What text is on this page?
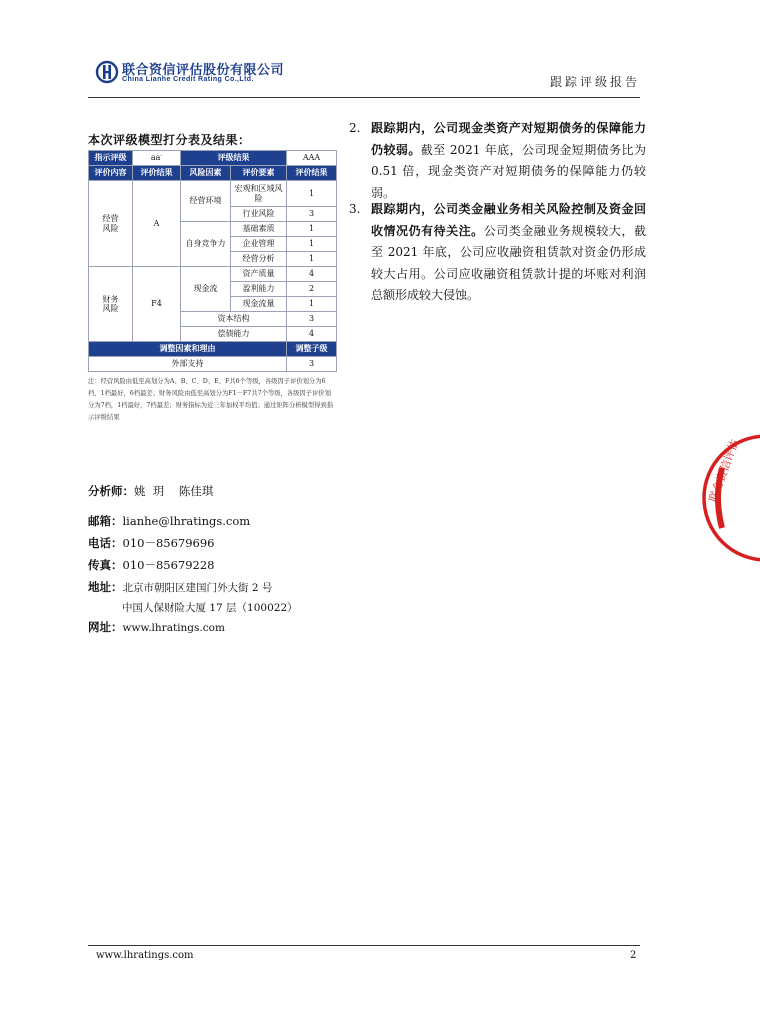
联合资信评估股份有限公司
China Lianhe Credit Rating Co.,Ltd.	跟踪评级报告
本次评级模型打分表及结果：
指示评级	aa-	评级结果		AAA
评价内容	评价结果	风险因素	评价要素	评价结果
经营
风险	A	经营环境	宏观和区域风险	1
			行业风险	3
		自身竞争力	基础素质	1
			企业管理	1
			经营分析	1

财务
风险	F4	现金流	资产质量	4
			盈利能力	2
			现金流量	1
		资本结构		3
		偿债能力		4
调整因素和理由				调整子级
外部支持				3
注：经营风险由低至高划分为A、B、C、D、E、F共6个等级，各级因子评价划分为6档，1档最好，6档最差；财务风险由低至高划分为F1－F7共7个等级，各级因子评价划分为7档，1档最好，7档最差；财务指标为近三年加权平均值；通过矩阵分析模型得到指示评级结果
2. 跟踪期内，公司现金类资产对短期债务的保障能力仍较弱。截至 2021 年底，公司现金短期债务比为 0.51 倍，现金类资产对短期债务的保障能力仍较弱。
3. 跟踪期内，公司类金融业务相关风险控制及资金回收情况仍有待关注。公司类金融业务规模较大，截至 2021 年底，公司应收融资租赁款对资金仍形成较大占用。公司应收融资租赁款计提的坏账对利润总额形成较大侵蚀。
分析师：姚  玥    陈佳琪
邮箱：lianhe@lhratings.com
电话：010－85679696
传真：010－85679228
地址：北京市朝阳区建国门外大街 2 号
中国人保财险大厦 17 层（100022）
网址：www.lhratings.com
www.lhratings.com	2
联合资信评估
